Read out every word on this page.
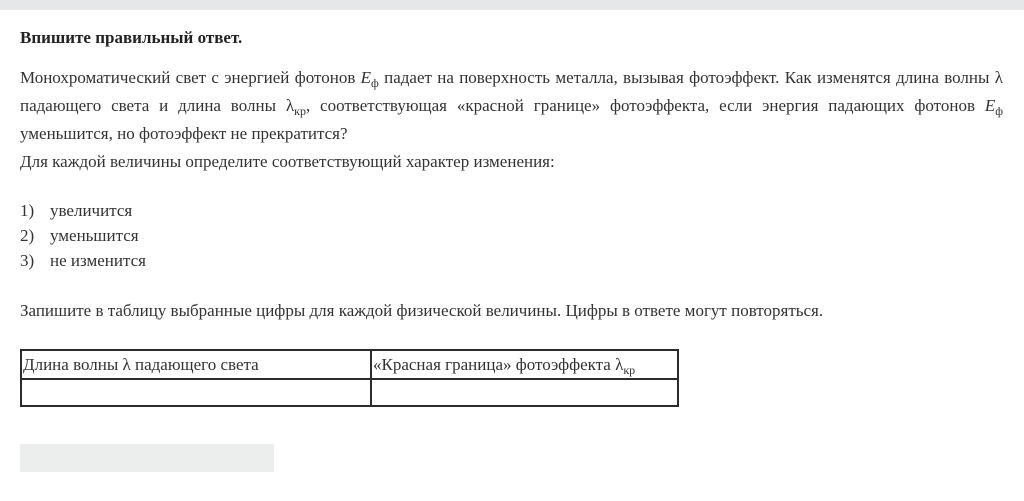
Впишите правильный ответ.

Монохроматический свет с энергией фотонов $E_ф$ падает на поверхность металла, вызывая фотоэффект. Как изменятся длина волны λ падающего света и длина волны $\lambda_{кр}$, соответствующая «красной границе» фотоэффекта, если энергия падающих фотонов $E_ф$ уменьшится, но фотоэффект не прекратится?
Для каждой величины определите соответствующий характер изменения:

1) увеличится
2) уменьшится
3) не изменится
Запишите в таблицу выбранные цифры для каждой физической величины. Цифры в ответе могут повторяться.
Длина волны λ падающего света	«Красная граница» фотоэффекта $\lambda_{кр}$
